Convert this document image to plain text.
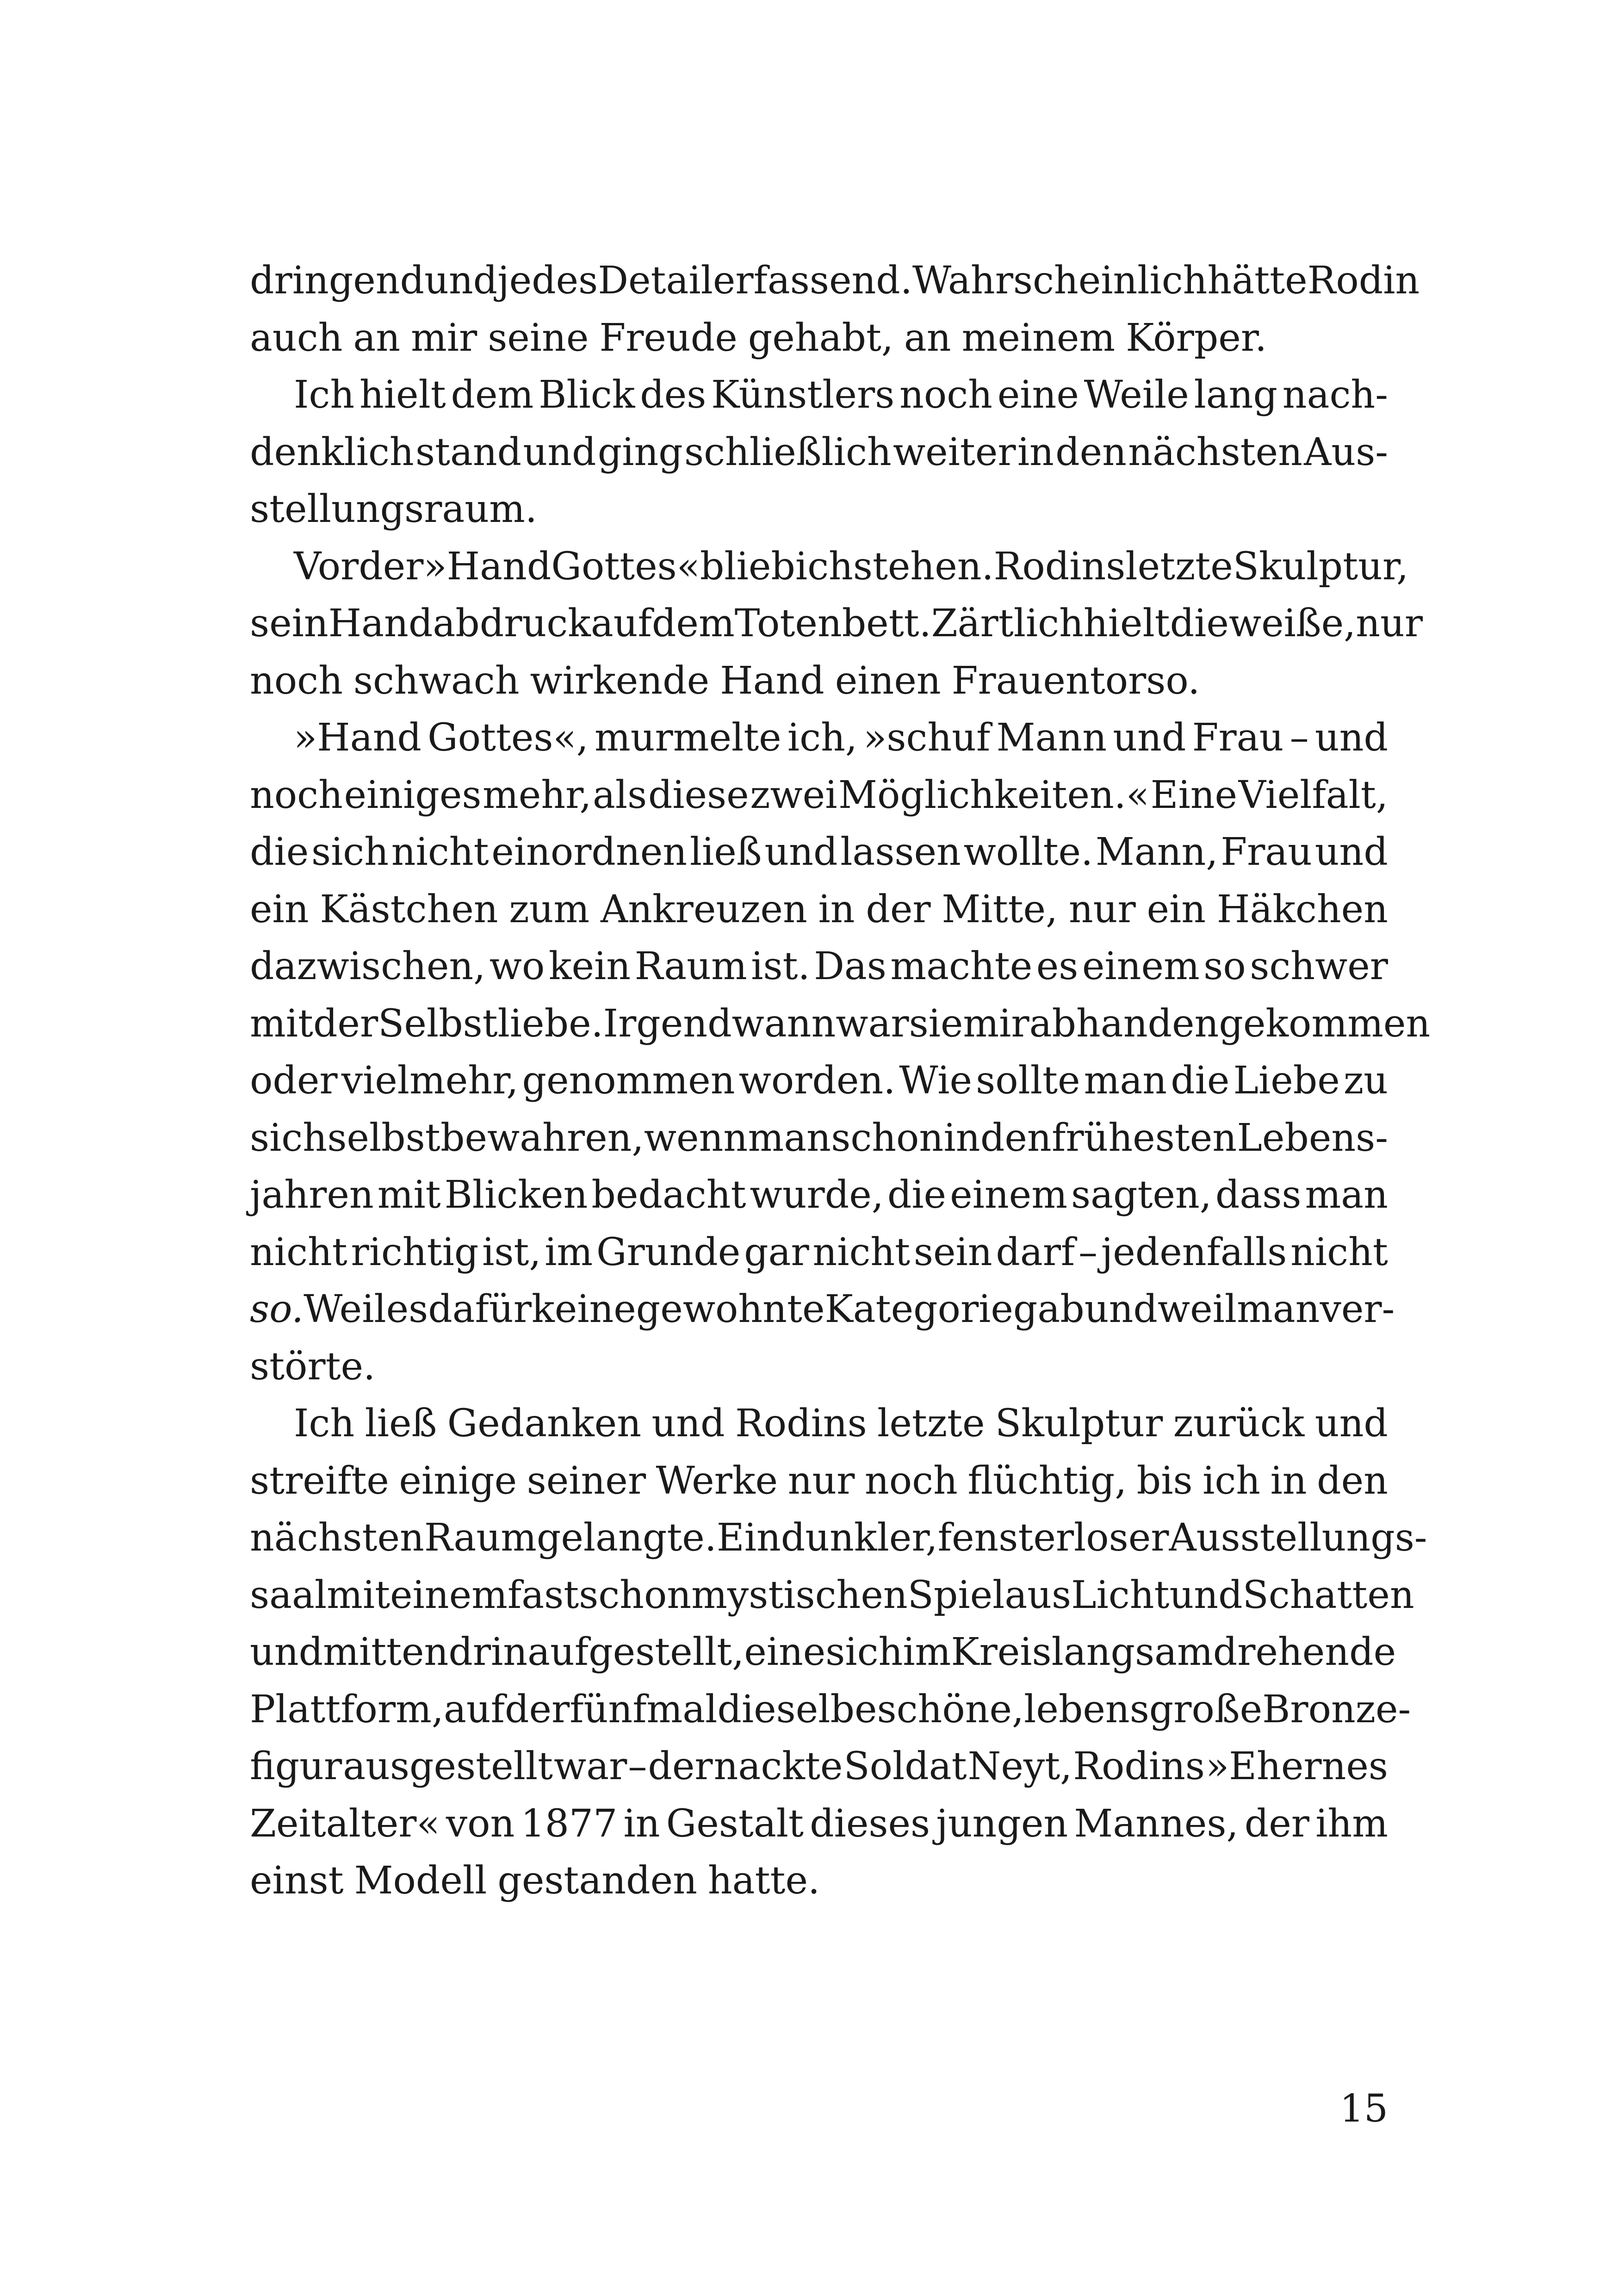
dringend und jedes Detail erfassend. Wahrscheinlich hätte Rodin
auch an mir seine Freude gehabt, an meinem Körper.
Ich hielt dem Blick des Künstlers noch eine Weile lang nach-
denklich stand und ging schließlich weiter in den nächsten Aus-
stellungsraum.
Vor der »Hand Gottes« blieb ich stehen. Rodins letzte Skulptur,
sein Handabdruck auf dem Totenbett. Zärtlich hielt die weiße, nur
noch schwach wirkende Hand einen Frauentorso.
»Hand Gottes«, murmelte ich, »schuf Mann und Frau – und
noch einiges mehr, als diese zwei Möglichkeiten.« Eine Vielfalt,
die sich nicht einordnen ließ und lassen wollte. Mann, Frau und
ein Kästchen zum Ankreuzen in der Mitte, nur ein Häkchen
dazwischen, wo kein Raum ist. Das machte es einem so schwer
mit der Selbstliebe. Irgendwann war sie mir abhandengekommen
oder vielmehr, genommen worden. Wie sollte man die Liebe zu
sich selbst bewahren, wenn man schon in den frühesten Lebens-
jahren mit Blicken bedacht wurde, die einem sagten, dass man
nicht richtig ist, im Grunde gar nicht sein darf – jedenfalls nicht
so. Weil es dafür keine gewohnte Kategorie gab und weil man ver-
störte.
Ich ließ Gedanken und Rodins letzte Skulptur zurück und
streifte einige seiner Werke nur noch flüchtig, bis ich in den
nächsten Raum gelangte. Ein dunkler, fensterloser Ausstellungs-
saal mit einem fast schon mystischen Spiel aus Licht und Schatten
und mittendrin aufgestellt, eine sich im Kreis langsam drehende
Plattform, auf der fünfmal dieselbe schöne, lebensgroße Bronze-
figur ausgestellt war – der nackte Soldat Neyt, Rodins »Ehernes
Zeitalter« von 1877 in Gestalt dieses jungen Mannes, der ihm
einst Modell gestanden hatte.
15
